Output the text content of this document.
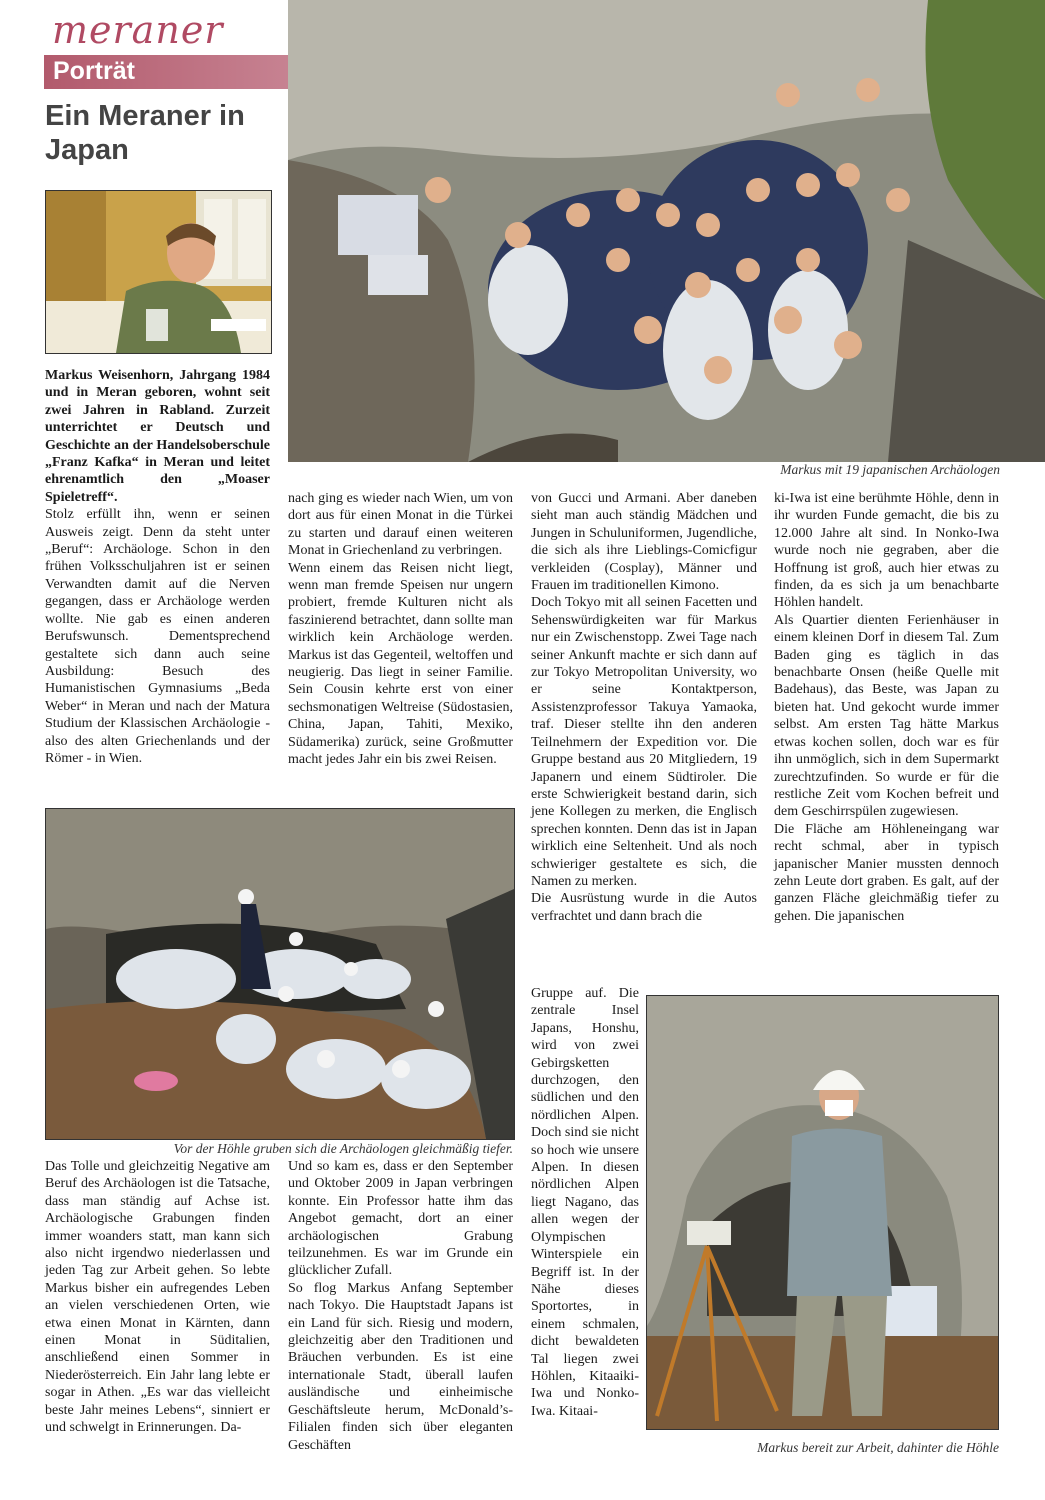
meraner
Porträt
Ein Meraner in Japan
Markus mit 19 japanischen Archäologen

Markus Weisenhorn, Jahrgang 1984 und in Meran geboren, wohnt seit zwei Jahren in Rabland. Zurzeit unterrichtet er Deutsch und Geschichte an der Handelsoberschule „Franz Kafka“ in Meran und leitet ehrenamtlich den „Moaser Spieletreff“.

Stolz erfüllt ihn, wenn er seinen Ausweis zeigt. Denn da steht unter „Beruf“: Archäologe. Schon in den frühen Volksschuljahren ist er seinen Verwandten damit auf die Nerven gegangen, dass er Archäologe werden wollte. Nie gab es einen anderen Berufswunsch. Dementsprechend gestaltete sich dann auch seine Ausbildung: Besuch des Humanistischen Gymnasiums „Beda Weber“ in Meran und nach der Matura Studium der Klassischen Archäologie - also des alten Griechenlands und der Römer - in Wien.

nach ging es wieder nach Wien, um von dort aus für einen Monat in die Türkei zu starten und darauf einen weiteren Monat in Griechenland zu verbringen.

Wenn einem das Reisen nicht liegt, wenn man fremde Speisen nur ungern probiert, fremde Kulturen nicht als faszinierend betrachtet, dann sollte man wirklich kein Archäologe werden. Markus ist das Gegenteil, weltoffen und neugierig. Das liegt in seiner Familie. Sein Cousin kehrte erst von einer sechsmonatigen Weltreise (Südostasien, China, Japan, Tahiti, Mexiko, Südamerika) zurück, seine Großmutter macht jedes Jahr ein bis zwei Reisen.

von Gucci und Armani. Aber daneben sieht man auch ständig Mädchen und Jungen in Schuluniformen, Jugendliche, die sich als ihre Lieblings-Comicfigur verkleiden (Cosplay), Männer und Frauen im traditionellen Kimono.

Doch Tokyo mit all seinen Facetten und Sehenswürdigkeiten war für Markus nur ein Zwischenstopp. Zwei Tage nach seiner Ankunft machte er sich dann auf zur Tokyo Metropolitan University, wo er seine Kontaktperson, Assistenzprofessor Takuya Yamaoka, traf. Dieser stellte ihn den anderen Teilnehmern der Expedition vor. Die Gruppe bestand aus 20 Mitgliedern, 19 Japanern und einem Südtiroler. Die erste Schwierigkeit bestand darin, sich jene Kollegen zu merken, die Englisch sprechen konnten. Denn das ist in Japan wirklich eine Seltenheit. Und als noch schwieriger gestaltete es sich, die Namen zu merken.

Die Ausrüstung wurde in die Autos verfrachtet und dann brach die

Gruppe auf. Die zentrale Insel Japans, Honshu, wird von zwei Gebirgsketten durchzogen, den südlichen und den nördlichen Alpen. Doch sind sie nicht so hoch wie unsere Alpen. In diesen nördlichen Alpen liegt Nagano, das allen wegen der Olympischen Winterspiele ein Begriff ist. In der Nähe dieses Sportortes, in einem schmalen, dicht bewaldeten Tal liegen zwei Höhlen, Kitaaiki-Iwa und Nonko-Iwa. Kitaai-

ki-Iwa ist eine berühmte Höhle, denn in ihr wurden Funde gemacht, die bis zu 12.000 Jahre alt sind. In Nonko-Iwa wurde noch nie gegraben, aber die Hoffnung ist groß, auch hier etwas zu finden, da es sich ja um benachbarte Höhlen handelt.

Als Quartier dienten Ferienhäuser in einem kleinen Dorf in diesem Tal. Zum Baden ging es täglich in das benachbarte Onsen (heiße Quelle mit Badehaus), das Beste, was Japan zu bieten hat. Und gekocht wurde immer selbst. Am ersten Tag hätte Markus etwas kochen sollen, doch war es für ihn unmöglich, sich in dem Supermarkt zurechtzufinden. So wurde er für die restliche Zeit vom Kochen befreit und dem Geschirrspülen zugewiesen.

Die Fläche am Höhleneingang war recht schmal, aber in typisch japanischer Manier mussten dennoch zehn Leute dort graben. Es galt, auf der ganzen Fläche gleichmäßig tiefer zu gehen. Die japanischen

Vor der Höhle gruben sich die Archäologen gleichmäßig tiefer.

Das Tolle und gleichzeitig Negative am Beruf des Archäologen ist die Tatsache, dass man ständig auf Achse ist. Archäologische Grabungen finden immer woanders statt, man kann sich also nicht irgendwo niederlassen und jeden Tag zur Arbeit gehen. So lebte Markus bisher ein aufregendes Leben an vielen verschiedenen Orten, wie etwa einen Monat in Kärnten, dann einen Monat in Süditalien, anschließend einen Sommer in Niederösterreich. Ein Jahr lang lebte er sogar in Athen. „Es war das vielleicht beste Jahr meines Lebens“, sinniert er und schwelgt in Erinnerungen. Da-

Und so kam es, dass er den September und Oktober 2009 in Japan verbringen konnte. Ein Professor hatte ihm das Angebot gemacht, dort an einer archäologischen Grabung teilzunehmen. Es war im Grunde ein glücklicher Zufall.

So flog Markus Anfang September nach Tokyo. Die Hauptstadt Japans ist ein Land für sich. Riesig und modern, gleichzeitig aber den Traditionen und Bräuchen verbunden. Es ist eine internationale Stadt, überall laufen ausländische und einheimische Geschäftsleute herum, McDonald’s-Filialen finden sich über eleganten Geschäften	Markus bereit zur Arbeit, dahinter die Höhle
